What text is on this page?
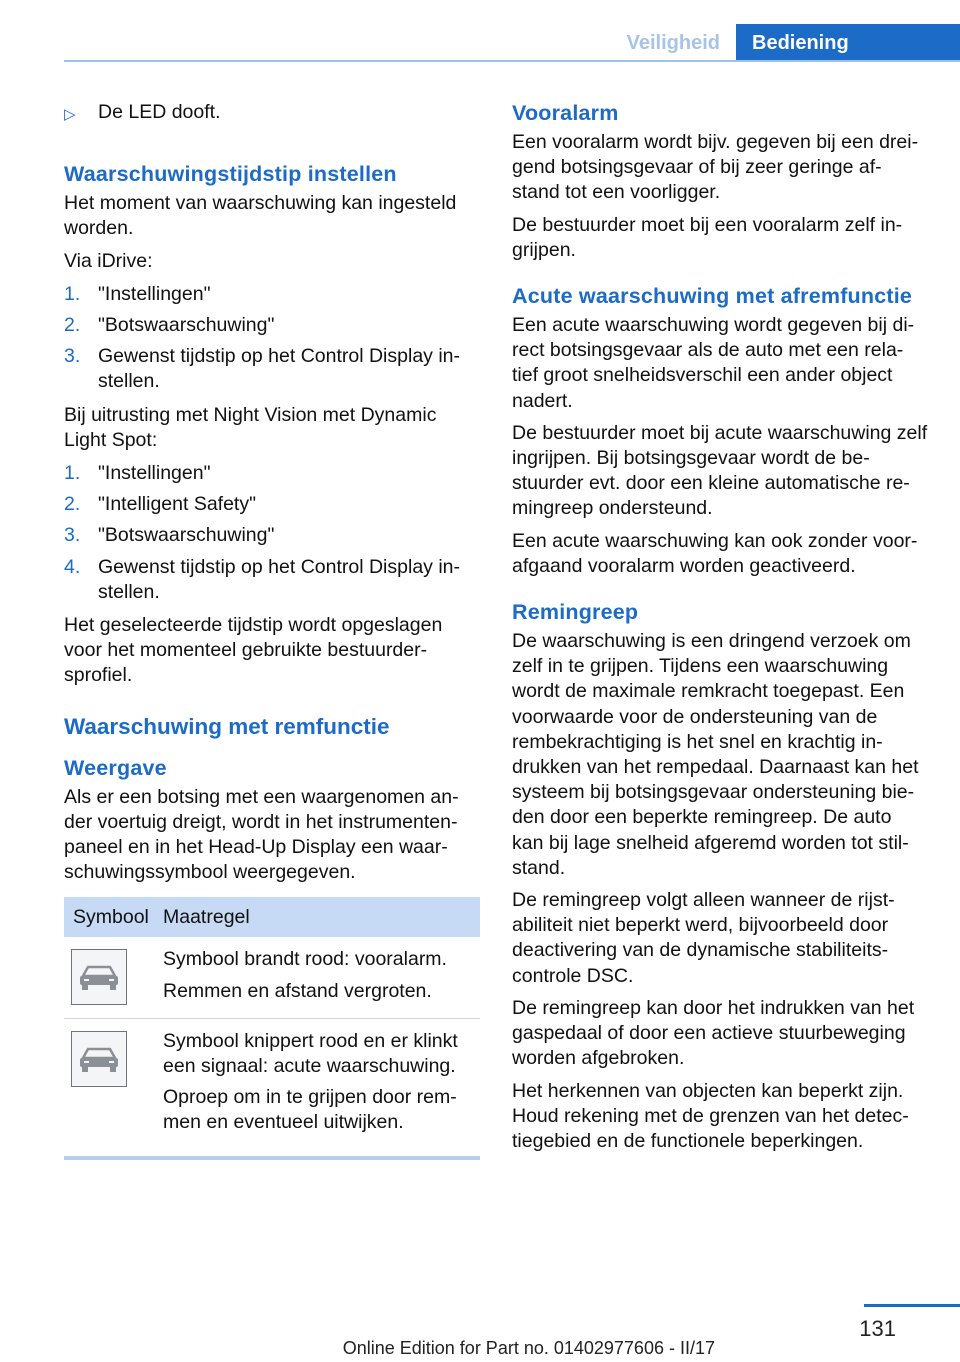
Veiligheid	Bediening
▷	De LED dooft.
Waarschuwingstijdstip instellen

Het moment van waarschuwing kan ingesteld worden.

Via iDrive:

1. "Instellingen"
2. "Botswaarschuwing"
3. Gewenst tijdstip op het Control Display in- stellen.

Bij uitrusting met Night Vision met Dynamic Light Spot:

1. "Instellingen"
2. "Intelligent Safety"
3. "Botswaarschuwing"
4. Gewenst tijdstip op het Control Display in- stellen.

Het geselecteerde tijdstip wordt opgeslagen voor het momenteel gebruikte bestuurder- sprofiel.

Waarschuwing met remfunctie
Weergave

Als er een botsing met een waargenomen an- der voertuig dreigt, wordt in het instrumenten- paneel en in het Head-Up Display een waar- schuwingssymbool weergegeven.

Symbool Maatregel

Symbool brandt rood: vooralarm.

Remmen en afstand vergroten.

Symbool knippert rood en er klinkt een signaal: acute waarschuwing.

Oproep om in te grijpen door rem- men en eventueel uitwijken.

Vooralarm

Een vooralarm wordt bijv. gegeven bij een drei- gend botsingsgevaar of bij zeer geringe af- stand tot een voorligger.

De bestuurder moet bij een vooralarm zelf in- grijpen.

Acute waarschuwing met afremfunctie

Een acute waarschuwing wordt gegeven bij di- rect botsingsgevaar als de auto met een rela- tief groot snelheidsverschil een ander object nadert.

De bestuurder moet bij acute waarschuwing zelf ingrijpen. Bij botsingsgevaar wordt de be- stuurder evt. door een kleine automatische re- mingreep ondersteund.

Een acute waarschuwing kan ook zonder voor- afgaand vooralarm worden geactiveerd.

Remingreep

De waarschuwing is een dringend verzoek om zelf in te grijpen. Tijdens een waarschuwing wordt de maximale remkracht toegepast. Een voorwaarde voor de ondersteuning van de rembekrachtiging is het snel en krachtig in- drukken van het rempedaal. Daarnaast kan het systeem bij botsingsgevaar ondersteuning bie- den door een beperkte remingreep. De auto kan bij lage snelheid afgeremd worden tot stil- stand.

De remingreep volgt alleen wanneer de rijst- abiliteit niet beperkt werd, bijvoorbeeld door deactivering van de dynamische stabiliteits- controle DSC.

De remingreep kan door het indrukken van het gaspedaal of door een actieve stuurbeweging worden afgebroken.

Het herkennen van objecten kan beperkt zijn. Houd rekening met de grenzen van het detec- tiegebied en de functionele beperkingen.

131
Online Edition for Part no. 01402977606 - II/17
